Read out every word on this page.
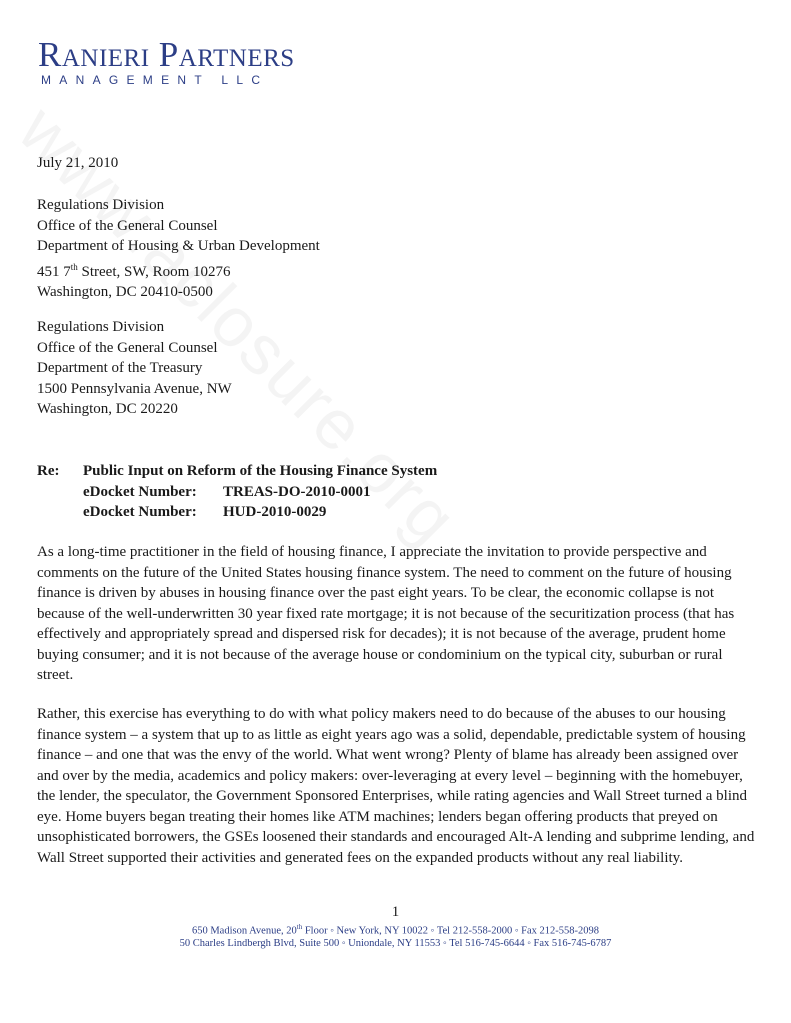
Ranieri Partners
MANAGEMENT LLC
July 21, 2010
Regulations Division
Office of the General Counsel
Department of Housing & Urban Development
451 7th Street, SW, Room 10276
Washington, DC 20410-0500
Regulations Division
Office of the General Counsel
Department of the Treasury
1500 Pennsylvania Avenue, NW
Washington, DC 20220
Re: Public Input on Reform of the Housing Finance System
eDocket Number: TREAS-DO-2010-0001
eDocket Number: HUD-2010-0029
As a long-time practitioner in the field of housing finance, I appreciate the invitation to provide perspective and comments on the future of the United States housing finance system. The need to comment on the future of housing finance is driven by abuses in housing finance over the past eight years. To be clear, the economic collapse is not because of the well-underwritten 30 year fixed rate mortgage; it is not because of the securitization process (that has effectively and appropriately spread and dispersed risk for decades); it is not because of the average, prudent home buying consumer; and it is not because of the average house or condominium on the typical city, suburban or rural street.
Rather, this exercise has everything to do with what policy makers need to do because of the abuses to our housing finance system – a system that up to as little as eight years ago was a solid, dependable, predictable system of housing finance – and one that was the envy of the world. What went wrong? Plenty of blame has already been assigned over and over by the media, academics and policy makers: over-leveraging at every level – beginning with the homebuyer, the lender, the speculator, the Government Sponsored Enterprises, while rating agencies and Wall Street turned a blind eye. Home buyers began treating their homes like ATM machines; lenders began offering products that preyed on unsophisticated borrowers, the GSEs loosened their standards and encouraged Alt-A lending and subprime lending, and Wall Street supported their activities and generated fees on the expanded products without any real liability.
1
650 Madison Avenue, 20th Floor ◦ New York, NY 10022 ◦ Tel 212-558-2000 ◦ Fax 212-558-2098
50 Charles Lindbergh Blvd, Suite 500 ◦ Uniondale, NY 11553 ◦ Tel 516-745-6644 ◦ Fax 516-745-6787
